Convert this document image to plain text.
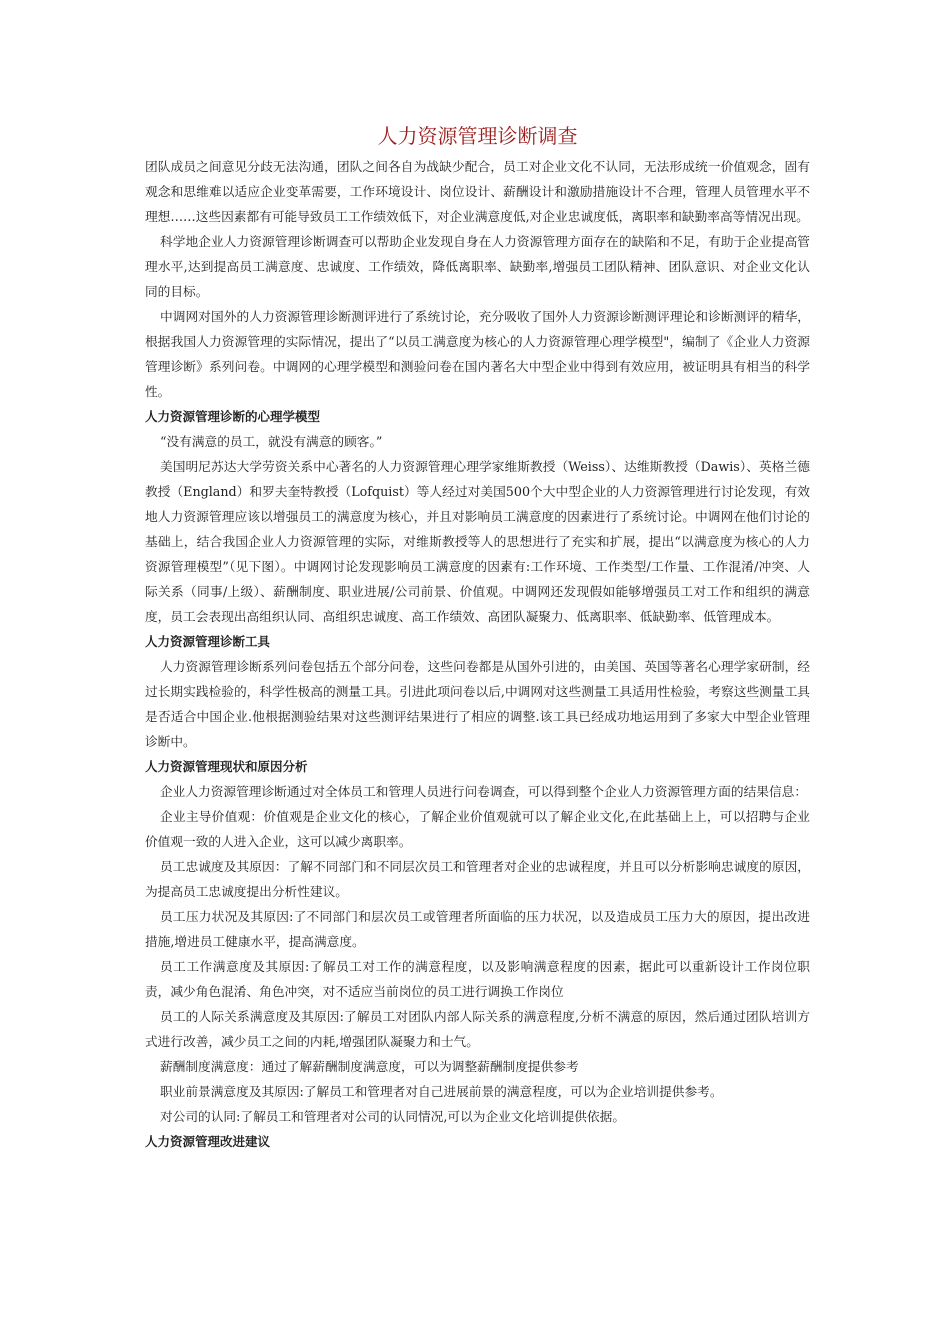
人力资源管理诊断调查

团队成员之间意见分歧无法沟通，团队之间各自为战缺少配合，员工对企业文化不认同，无法形成统一价值观念，固有观念和思维难以适应企业变革需要，工作环境设计、岗位设计、薪酬设计和激励措施设计不合理，管理人员管理水平不理想……这些因素都有可能导致员工工作绩效低下，对企业满意度低,对企业忠诚度低，离职率和缺勤率高等情况出现。

科学地企业人力资源管理诊断调查可以帮助企业发现自身在人力资源管理方面存在的缺陷和不足，有助于企业提高管理水平,达到提高员工满意度、忠诚度、工作绩效，降低离职率、缺勤率,增强员工团队精神、团队意识、对企业文化认同的目标。

中调网对国外的人力资源管理诊断测评进行了系统讨论，充分吸收了国外人力资源诊断测评理论和诊断测评的精华，根据我国人力资源管理的实际情况，提出了“以员工满意度为核心的人力资源管理心理学模型"，编制了《企业人力资源管理诊断》系列问卷。中调网的心理学模型和测验问卷在国内著名大中型企业中得到有效应用，被证明具有相当的科学性。

人力资源管理诊断的心理学模型

“没有满意的员工，就没有满意的顾客。”

美国明尼苏达大学劳资关系中心著名的人力资源管理心理学家维斯教授（Weiss）、达维斯教授（Dawis）、英格兰德教授（England）和罗夫奎特教授（Lofquist）等人经过对美国500个大中型企业的人力资源管理进行讨论发现，有效地人力资源管理应该以增强员工的满意度为核心，并且对影响员工满意度的因素进行了系统讨论。中调网在他们讨论的基础上，结合我国企业人力资源管理的实际，对维斯教授等人的思想进行了充实和扩展，提出“以满意度为核心的人力资源管理模型”（见下图）。中调网讨论发现影响员工满意度的因素有:工作环境、工作类型/工作量、工作混淆/冲突、人际关系（同事/上级）、薪酬制度、职业进展/公司前景、价值观。中调网还发现假如能够增强员工对工作和组织的满意度，员工会表现出高组织认同、高组织忠诚度、高工作绩效、高团队凝聚力、低离职率、低缺勤率、低管理成本。

人力资源管理诊断工具

人力资源管理诊断系列问卷包括五个部分问卷，这些问卷都是从国外引进的，由美国、英国等著名心理学家研制，经过长期实践检验的，科学性极高的测量工具。引进此项问卷以后,中调网对这些测量工具适用性检验，考察这些测量工具是否适合中国企业.他根据测验结果对这些测评结果进行了相应的调整.该工具已经成功地运用到了多家大中型企业管理诊断中。

人力资源管理现状和原因分析

企业人力资源管理诊断通过对全体员工和管理人员进行问卷调查，可以得到整个企业人力资源管理方面的结果信息：

企业主导价值观：价值观是企业文化的核心，了解企业价值观就可以了解企业文化,在此基础上上，可以招聘与企业价值观一致的人进入企业，这可以减少离职率。

员工忠诚度及其原因：了解不同部门和不同层次员工和管理者对企业的忠诚程度，并且可以分析影响忠诚度的原因，为提高员工忠诚度提出分析性建议。

员工压力状况及其原因:了不同部门和层次员工或管理者所面临的压力状况，以及造成员工压力大的原因，提出改进措施,增进员工健康水平，提高满意度。

员工工作满意度及其原因:了解员工对工作的满意程度，以及影响满意程度的因素，据此可以重新设计工作岗位职责，减少角色混淆、角色冲突，对不适应当前岗位的员工进行调换工作岗位

员工的人际关系满意度及其原因:了解员工对团队内部人际关系的满意程度,分析不满意的原因，然后通过团队培训方式进行改善，减少员工之间的内耗,增强团队凝聚力和士气。

薪酬制度满意度：通过了解薪酬制度满意度，可以为调整薪酬制度提供参考

职业前景满意度及其原因:了解员工和管理者对自己进展前景的满意程度，可以为企业培训提供参考。

对公司的认同:了解员工和管理者对公司的认同情况,可以为企业文化培训提供依据。

人力资源管理改进建议
